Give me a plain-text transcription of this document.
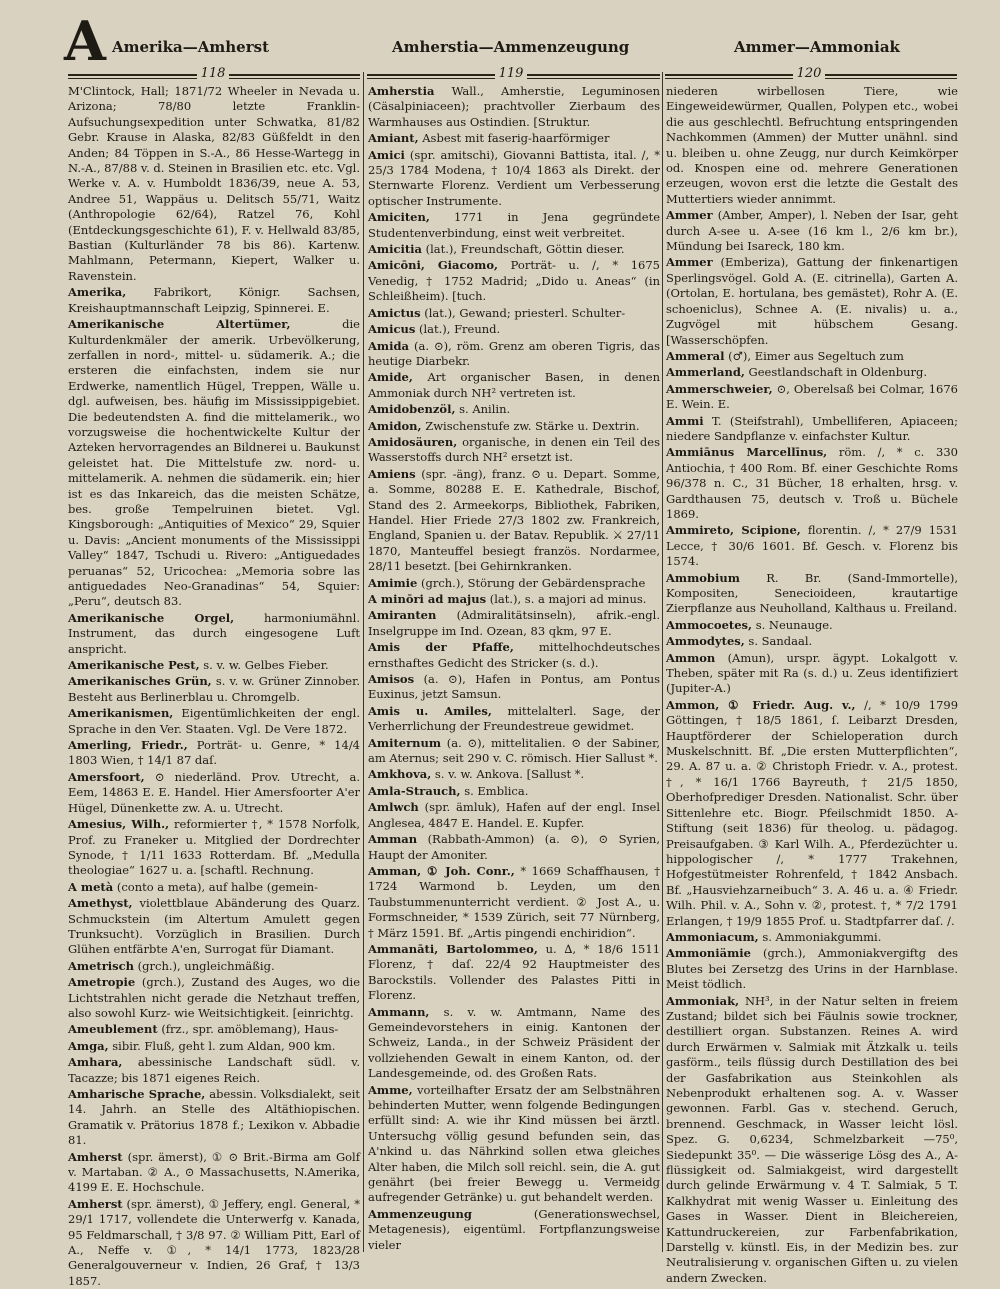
A Amerika—Amherst	Amherstia—Ammenzeugung	Ammer—Ammoniak
118	119	120

M'Clintock, Hall; 1871/72 Wheeler in Nevada u. Arizona; 78/80 letzte Franklin-Aufsuchungsexpedition unter Schwatka, 81/82 Gebr. Krause in Alaska, 82/83 Güßfeldt in den Anden; 84 Töppen in S.-A., 86 Hesse-Wartegg in N.-A., 87/88 v. d. Steinen in Brasilien etc. etc. Vgl. Werke v. A. v. Humboldt 1836/39, neue A. 53, Andree 51, Wappäus u. Delitsch 55/71, Waitz (Anthropologie 62/64), Ratzel 76, Kohl (Entdeckungsgeschichte 61), F. v. Hellwald 83/85, Bastian (Kulturländer 78 bis 86). Kartenw. Mahlmann, Petermann, Kiepert, Walker u. Ravenstein.

Amerika, Fabrikort, Königr. Sachsen, Kreishauptmannschaft Leipzig, Spinnerei. E.

Amerikanische Altertümer,	die Kulturdenkmäler der amerik. Urbevölkerung, zerfallen in nord-, mittel- u. südamerik. A.; die ersteren die einfachsten, indem sie nur Erdwerke, namentlich Hügel, Treppen, Wälle u. dgl. aufweisen, bes. häufig im Mississippigebiet. Die bedeutendsten A. find die mittelamerik., wo vorzugsweise die hochentwickelte Kultur der Azteken hervorragendes an Bildnerei u. Baukunst geleistet hat. Die Mittelstufe zw. nord- u. mittelamerik. A. nehmen die südamerik. ein; hier ist es das Inkareich, das die meisten Schätze, bes. große Tempelruinen bietet. Vgl. Kingsborough: „Antiquities of Mexico“ 29, Squier u. Davis: „Ancient monuments of the Mississippi Valley“ 1847, Tschudi u. Rivero: „Antiguedades peruanas“ 52, Uricochea: „Memoria sobre las antiguedades Neo-Granadinas“ 54, Squier: „Peru“, deutsch 83.

Amerikanische Orgel,	harmoniumähnl. Instrument, das durch eingesogene Luft anspricht.

Amerikanische Pest, s. v. w. Gelbes Fieber.

Amerikanisches Grün, s. v. w. Grüner Zinnober. Besteht aus Berlinerblau u. Chromgelb.

Amerikanismen, Eigentümlichkeiten der engl. Sprache in den Ver. Staaten. Vgl. De Vere 1872.

Amerling, Friedr., Porträt- u. Genre, * 14/4 1803 Wien, † 14/1 87 daſ.

Amersfoort, ⊙ niederländ. Prov. Utrecht, a. Eem, 14863 E. E. Handel. Hier Amersfoorter A'er Hügel, Dünenkette zw. A. u. Utrecht.

Amesius, Wilh., reformierter †, * 1578 Norfolk, Prof. zu Franeker u. Mitglied der Dordrechter Synode, † 1/11 1633 Rotterdam. Bf. „Medulla theologiae“ 1627 u. a. [schaftl. Rechnung.

A metà (conto a meta), auf halbe (gemein-

Amethyst, violettblaue Abänderung des Quarz. Schmuckstein (im Altertum Amulett gegen Trunksucht). Vorzüglich in Brasilien. Durch Glühen entfärbte A'en, Surrogat für Diamant.

Ametrisch (grch.), ungleichmäßig.

Ametropie (grch.), Zustand des Auges, wo die Lichtstrahlen nicht gerade die Netzhaut treffen, also sowohl Kurz- wie Weitsichtigkeit. [einrichtg.

Ameublement (frz., spr. amöblemang), Haus-

Amga, sibir. Fluß, geht l. zum Aldan, 900 km.

Amhara, abessinische Landschaft südl. v. Tacazze; bis 1871 eigenes Reich.

Amharische Sprache, abessin. Volksdialekt, seit 14. Jahrh. an Stelle des Altäthiopischen. Gramatik v. Prätorius 1878 f.; Lexikon v. Abbadie 81.

Amherst (spr. ämerst), ① ⊙ Brit.-Birma am Golf v. Martaban. ② A., ⊙ Massachusetts, N.Amerika, 4199 E. E. Hochschule.

Amherst (spr. ämerst), ① Jeffery, engl. General, * 29/1 1717, vollendete die Unterwerfg v. Kanada, 95 Feldmarschall, † 3/8 97. ② William Pitt, Earl of A., Neffe v. ①, * 14/1 1773, 1823/28 Generalgouverneur v. Indien, 26 Graf, † 13/3 1857.

Amherstia Wall., Amherstie, Leguminosen (Cäsalpiniaceen); prachtvoller Zierbaum des Warmhauses aus Ostindien. [Struktur.

Amiant, Asbest mit faserig-haarförmiger

Amici (spr. amitschi), Giovanni Battista, ital. ∕, * 25/3 1784 Modena, † 10/4 1863 als Direkt. der Sternwarte Florenz. Verdient um Verbesserung optischer Instrumente.

Amiciten, 1771 in Jena gegründete Studentenverbindung, einst weit verbreitet.

Amicitia (lat.), Freundschaft, Göttin dieser.

Amicōni, Giacomo, Porträt- u. ∕, * 1675 Venedig, † 1752 Madrid; „Dido u. Aneas“ (in Schleißheim). [tuch.

Amictus (lat.), Gewand; priesterl. Schulter-

Amicus (lat.), Freund.

Amida (a. ⊙), röm. Grenz am oberen Tigris, das heutige Diarbekr.

Amide, Art organischer Basen, in denen Ammoniak durch NH² vertreten ist.

Amidobenzöl, s. Anilin.

Amidon, Zwischenstufe zw. Stärke u. Dextrin.

Amidosäuren, organische, in denen ein Teil des Wasserstoffs durch NH² ersetzt ist.

Amiens (spr. -äng), franz. ⊙ u. Depart. Somme, a. Somme, 80288 E. E. Kathedrale, Bischof, Stand des 2. Armeekorps, Bibliothek, Fabriken, Handel. Hier Friede 27/3 1802 zw. Frankreich, England, Spanien u. der Batav. Republik. ⚔ 27/11 1870, Manteuffel besiegt französ. Nordarmee, 28/11 besetzt. [bei Gehirnkranken.

Amimie (grch.), Störung der Gebärdensprache

A minōri ad majus (lat.), s. a majori ad minus.

Amiranten (Admiralitätsinseln), afrik.-engl. Inselgruppe im Ind. Ozean, 83 qkm, 97 E.

Amis der Pfaffe, mittelhochdeutsches ernsthaftes Gedicht des Stricker (s. d.).

Amisos (a. ⊙), Hafen in Pontus, am Pontus Euxinus, jetzt Samsun.

Amis u. Amiles, mittelalterl. Sage, der Verherrlichung der Freundestreue gewidmet.

Amiternum (a. ⊙), mittelitalien. ⊙ der Sabiner, am Aternus; seit 290 v. C. römisch. Hier Sallust *.

Amkhova, s. v. w. Ankova. [Sallust *.

Amla-Strauch, s. Emblica.

Amlwch (spr. ämluk), Hafen auf der engl. Insel Anglesea, 4847 E. Handel. E. Kupfer.

Amman (Rabbath-Ammon) (a. ⊙), ⊙ Syrien, Haupt der Amoniter.

Amman, ① Joh. Conr., * 1669 Schaffhausen, † 1724 Warmond b. Leyden, um den Taubstummenunterricht verdient. ② Jost A., u. Formschneider, * 1539 Zürich, seit 77 Nürnberg, † März 1591. Bf. „Artis pingendi enchiridion“.

Ammanāti, Bartolommeo, u. ∆, * 18/6 1511 Florenz, † daſ. 22/4 92 Hauptmeister des Barockstils. Vollender des Palastes Pitti in Florenz.

Ammann, s. v. w. Amtmann, Name des Gemeindevorstehers in einig. Kantonen der Schweiz, Landa., in der Schweiz Präsident der vollziehenden Gewalt in einem Kanton, od. der Landesgemeinde, od. des Großen Rats.

Amme, vorteilhafter Ersatz der am Selbstnähren behinderten Mutter, wenn folgende Bedingungen erfüllt sind: A. wie ihr Kind müssen bei ärztl. Untersuchg völlig gesund befunden sein, das A'nkind u. das Nährkind sollen etwa gleiches Alter haben, die Milch soll reichl. sein, die A. gut genährt (bei freier Bewegg u. Vermeidg aufregender Getränke) u. gut behandelt werden.

Ammenzeugung	(Generationswechsel, Metagenesis), eigentüml. Fortpflanzungsweise vieler

niederen wirbellosen Tiere, wie Eingeweidewürmer, Quallen, Polypen etc., wobei die aus geschlechtl. Befruchtung entspringenden Nachkommen (Ammen) der Mutter unähnl. sind u. bleiben u. ohne Zeugg, nur durch Keimkörper od. Knospen eine od. mehrere Generationen erzeugen, wovon erst die letzte die Gestalt des Muttertiers wieder annimmt.

Ammer (Amber, Amper), l. Neben der Isar, geht durch A-see u. A-see (16 km l., 2/6 km br.), Mündung bei Isareck, 180 km.

Ammer (Emberiza), Gattung der finkenartigen Sperlingsvögel. Gold A. (E. citrinella), Garten A. (Ortolan, E. hortulana, bes gemästet), Rohr A. (E. schoeniclus), Schnee A. (E. nivalis) u. a., Zugvögel mit hübschem Gesang. [Wasserschöpfen.

Ammeral (♂), Eimer aus Segeltuch zum

Ammerland, Geestlandschaft in Oldenburg.

Ammerschweier, ⊙, Oberelsaß bei Colmar, 1676 E. Wein. E.

Ammi T. (Steifstrahl), Umbelliferen, Apiaceen; niedere Sandpflanze v. einfachster Kultur.

Ammiānus Marcellīnus, röm. ∕, * c. 330 Antiochia, † 400 Rom. Bf. einer Geschichte Roms 96/378 n. C., 31 Bücher, 18 erhalten, hrsg. v. Gardthausen 75, deutsch v. Troß u. Büchele 1869.

Ammireto, Scipione, florentin. ∕, * 27/9 1531 Lecce, † 30/6 1601. Bf. Gesch. v. Florenz bis 1574.

Ammobium R. Br. (Sand-Immortelle), Kompositen, Senecioideen, krautartige Zierpflanze aus Neuholland, Kalthaus u. Freiland.

Ammocoetes, s. Neunauge.

Ammodytes, s. Sandaal.

Ammon (Amun), urspr. ägypt. Lokalgott v. Theben, später mit Ra (s. d.) u. Zeus identifiziert (Jupiter-A.)

Ammon, ① Friedr. Aug. v., ∕, * 10/9 1799 Göttingen, † 18/5 1861, ſ. Leibarzt Dresden, Hauptförderer der Schieloperation durch Muskelschnitt. Bf. „Die ersten Mutterpflichten“, 29. A. 87 u. a. ② Christoph Friedr. v. A., protest. †, * 16/1 1766 Bayreuth, † 21/5 1850, Oberhofprediger Dresden. Nationalist. Schr. über Sittenlehre etc. Biogr. Pfeilschmidt 1850. A-Stiftung (seit 1836) für theolog. u. pädagog. Preisaufgaben. ③ Karl Wilh. A., Pferdezüchter u. hippologischer ∕, * 1777 Trakehnen, Hofgestütmeister Rohrenfeld, † 1842 Ansbach. Bf. „Hausviehzarneibuch“ 3. A. 46 u. a. ④ Friedr. Wilh. Phil. v. A., Sohn v. ②, protest. †, * 7/2 1791 Erlangen, † 19/9 1855 Prof. u. Stadtpfarrer daſ. ∕.

Ammoniacum, s. Ammoniakgummi.

Ammoniämie (grch.), Ammoniakvergiftg des Blutes bei Zersetzg des Urins in der Harnblase. Meist tödlich.

Ammoniak, NH³, in der Natur selten in freiem Zustand; bildet sich bei Fäulnis sowie trockner, destilliert organ. Substanzen. Reines A. wird durch Erwärmen v. Salmiak mit Ätzkalk u. teils gasförm., teils flüssig durch Destillation des bei der Gasfabrikation aus Steinkohlen als Nebenprodukt erhaltenen sog. A. v. Wasser gewonnen. Farbl. Gas v. stechend. Geruch, brennend. Geschmack, in Wasser leicht lösl. Spez. G. 0,6234, Schmelzbarkeit —75⁰, Siedepunkt 35⁰. — Die wässerige Lösg des A., A-flüssigkeit od. Salmiakgeist, wird dargestellt durch gelinde Erwärmung v. 4 T. Salmiak, 5 T. Kalkhydrat mit wenig Wasser u. Einleitung des Gases in Wasser. Dient in Bleichereien, Kattundruckereien, zur Farbenfabrikation, Darstellg v. künstl. Eis, in der Medizin bes. zur Neutralisierung v. organischen Giften u. zu vielen andern Zwecken.
